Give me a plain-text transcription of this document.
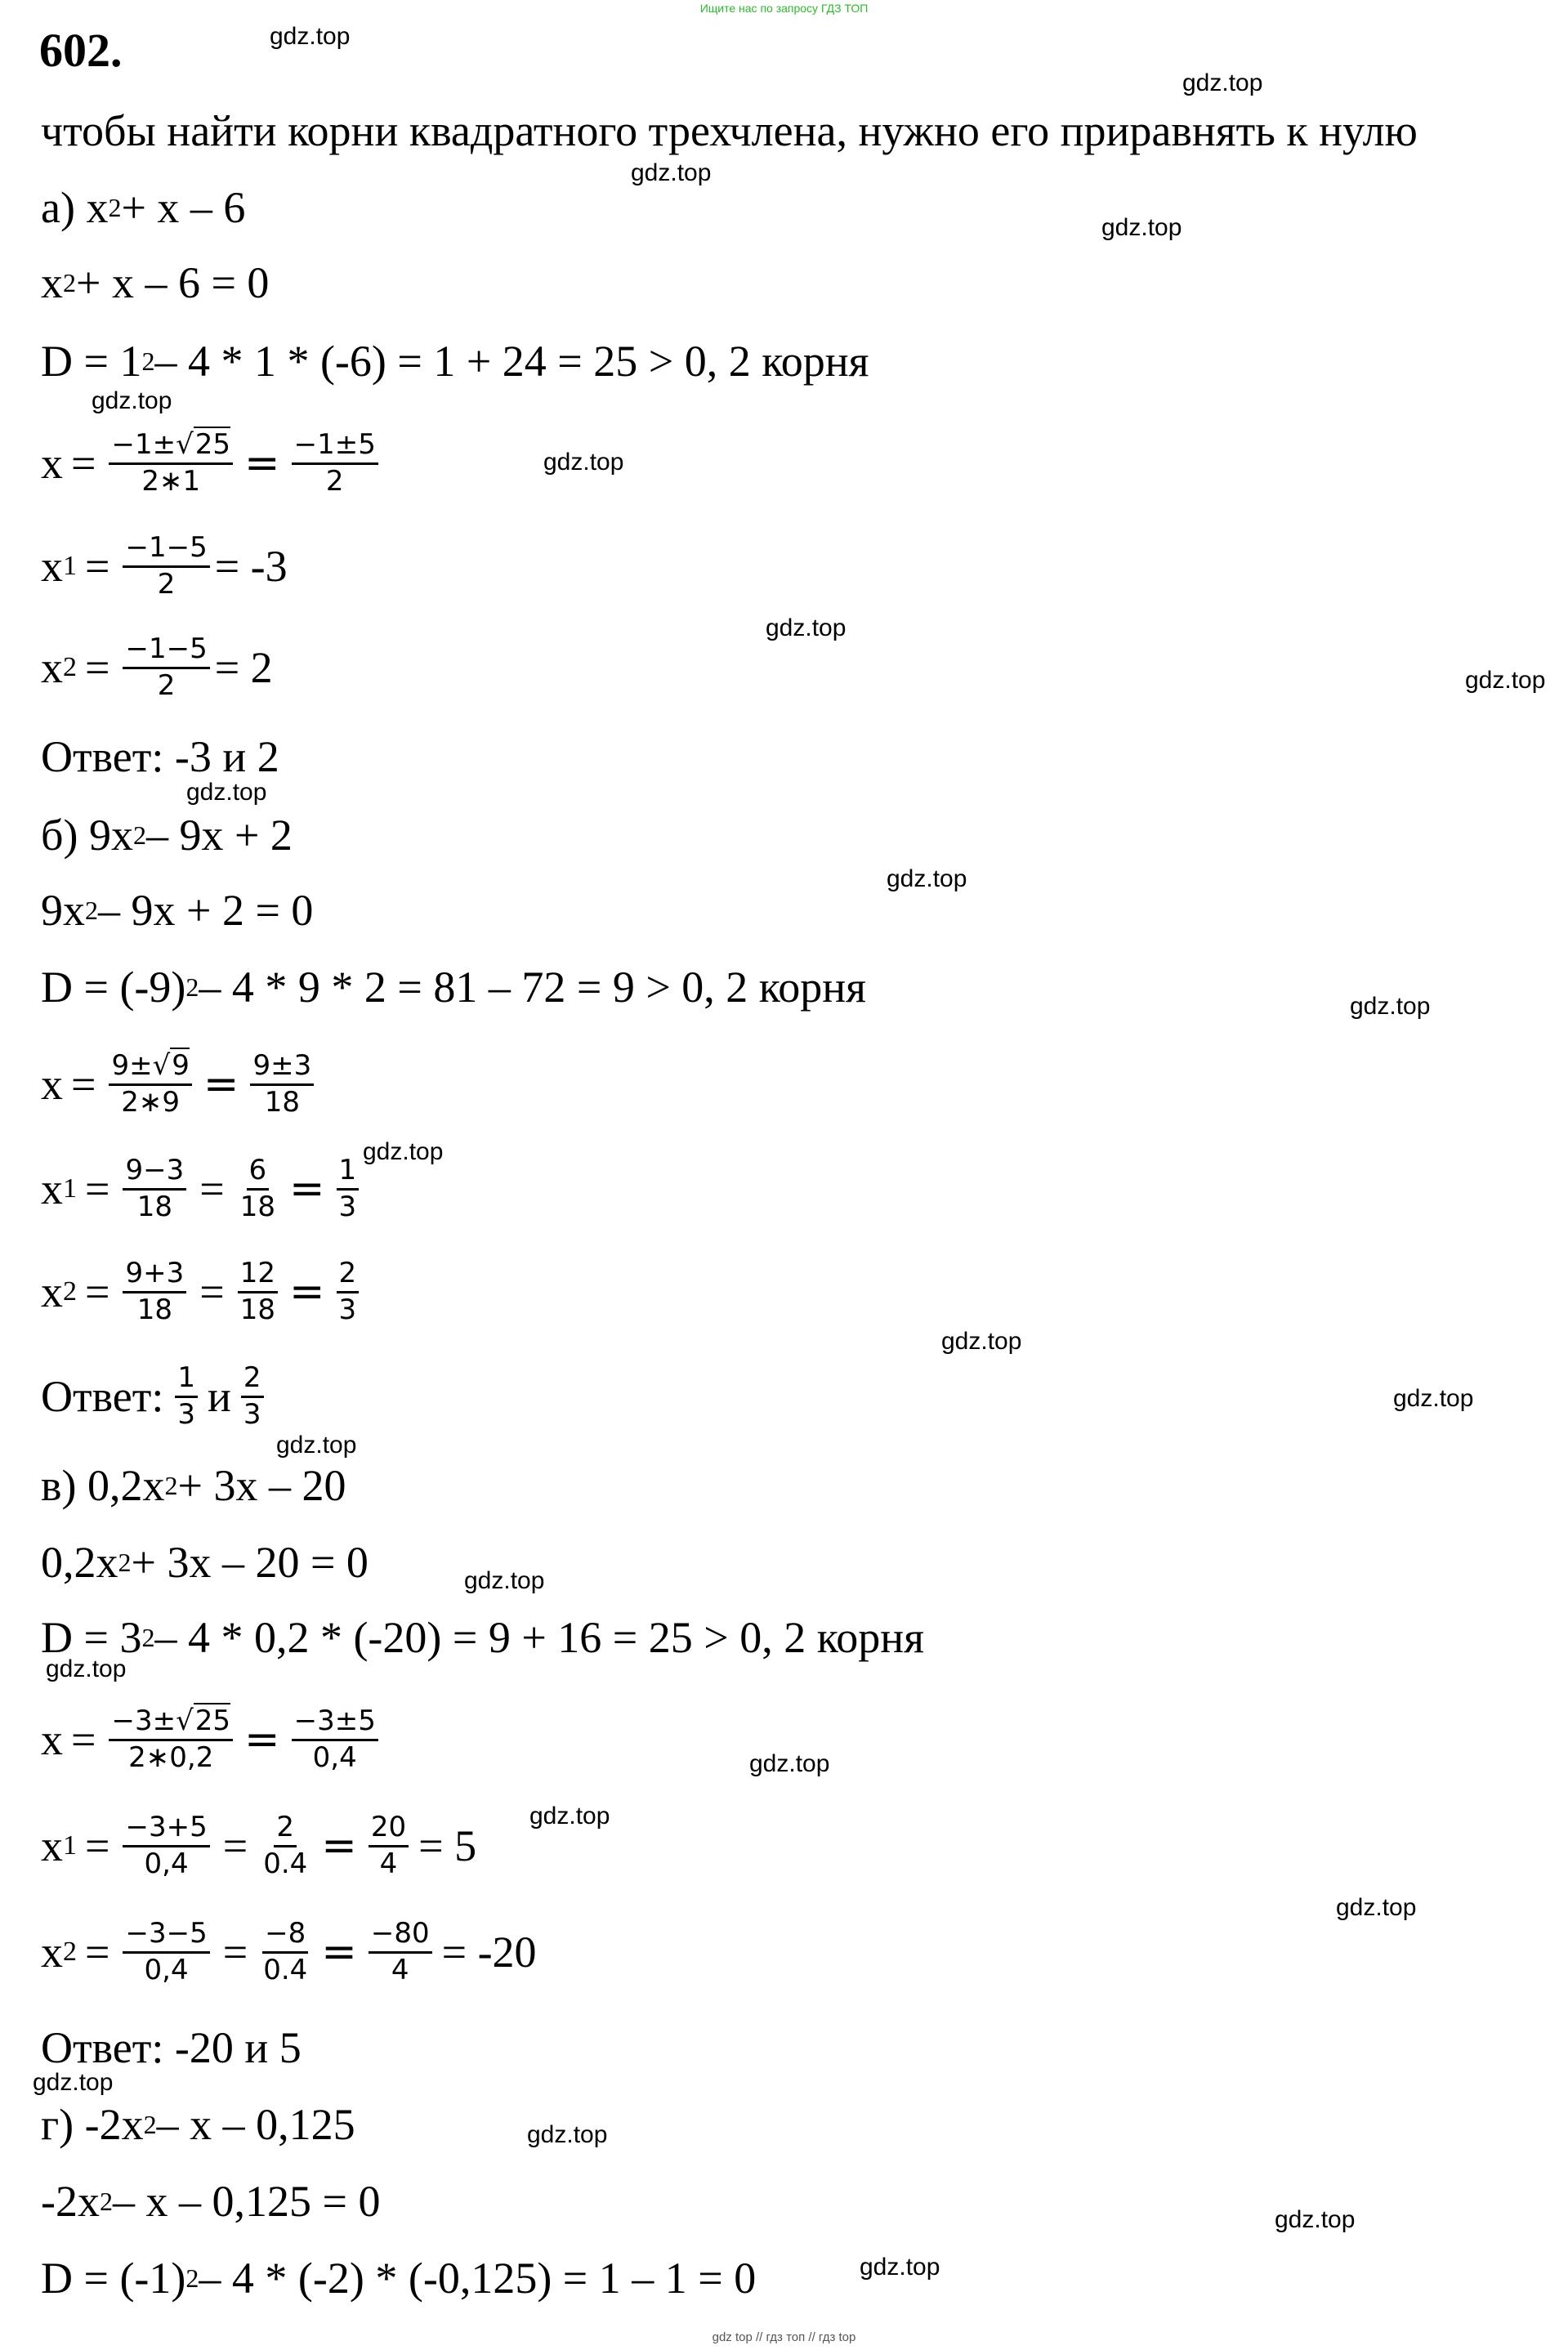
Ищите нас по запросу ГДЗ ТОП
602.
чтобы найти корни квадратного трехчлена, нужно его приравнять к нулю
а) x 2 + x – 6
x 2 + x – 6 = 0
D = 1 2 – 4 * 1 * (-6) = 1 + 24 = 25 > 0, 2 корня
$x = \frac{-1\pm√25}{2∗1} = \frac{-1\pm 5}{2}$
x $1 = \frac{-1-5}{2} = -3$
x $2 = \frac{-1-5}{2} = 2$
Ответ: -3 и 2
б) 9x 2 – 9x + 2
9x 2 – 9x + 2 = 0
D = (-9) 2 – 4 * 9 * 2 = 81 – 72 = 9 > 0, 2 корня
$x = \frac{9\pm√9}{2∗9} = \frac{9\pm 3}{18}$
x $1 = \frac{9-3}{18} = \frac{6}{18} = \frac{1}{3}$
x $2 = \frac{9+3}{18} = \frac{12}{18} = \frac{2}{3}$
Ответ: $\frac{1}{3}$ и $\frac{2}{3}$
в) 0,2x 2 + 3x – 20
0,2x 2 + 3x – 20 = 0
D = 3 2 – 4 * 0,2 * (-20) = 9 + 16 = 25 > 0, 2 корня
$x = \frac{-3\pm√25}{2∗0,2} = \frac{-3\pm 5}{0,4}$
x $1 = \frac{-3+5}{0,4} = \frac{2}{0.4} = \frac{20}{4} = 5$
x $2 = \frac{-3-5}{0,4} = \frac{-8}{0.4} = \frac{-80}{4} = -20$
Ответ: -20 и 5
г) -2x 2 – x – 0,125
-2x 2 – x – 0,125 = 0
D = (-1) 2 – 4 * (-2) * (-0,125) = 1 – 1 = 0
gdz.top
gdz.top
gdz.top
gdz.top
gdz.top
gdz.top
gdz.top
gdz.top
gdz.top
gdz.top
gdz.top
gdz.top
gdz.top
gdz.top
gdz.top
gdz.top
gdz.top
gdz.top
gdz.top
gdz.top
gdz.top
gdz.top
gdz.top
gdz.top
gdz top // гдз топ // гдз top
